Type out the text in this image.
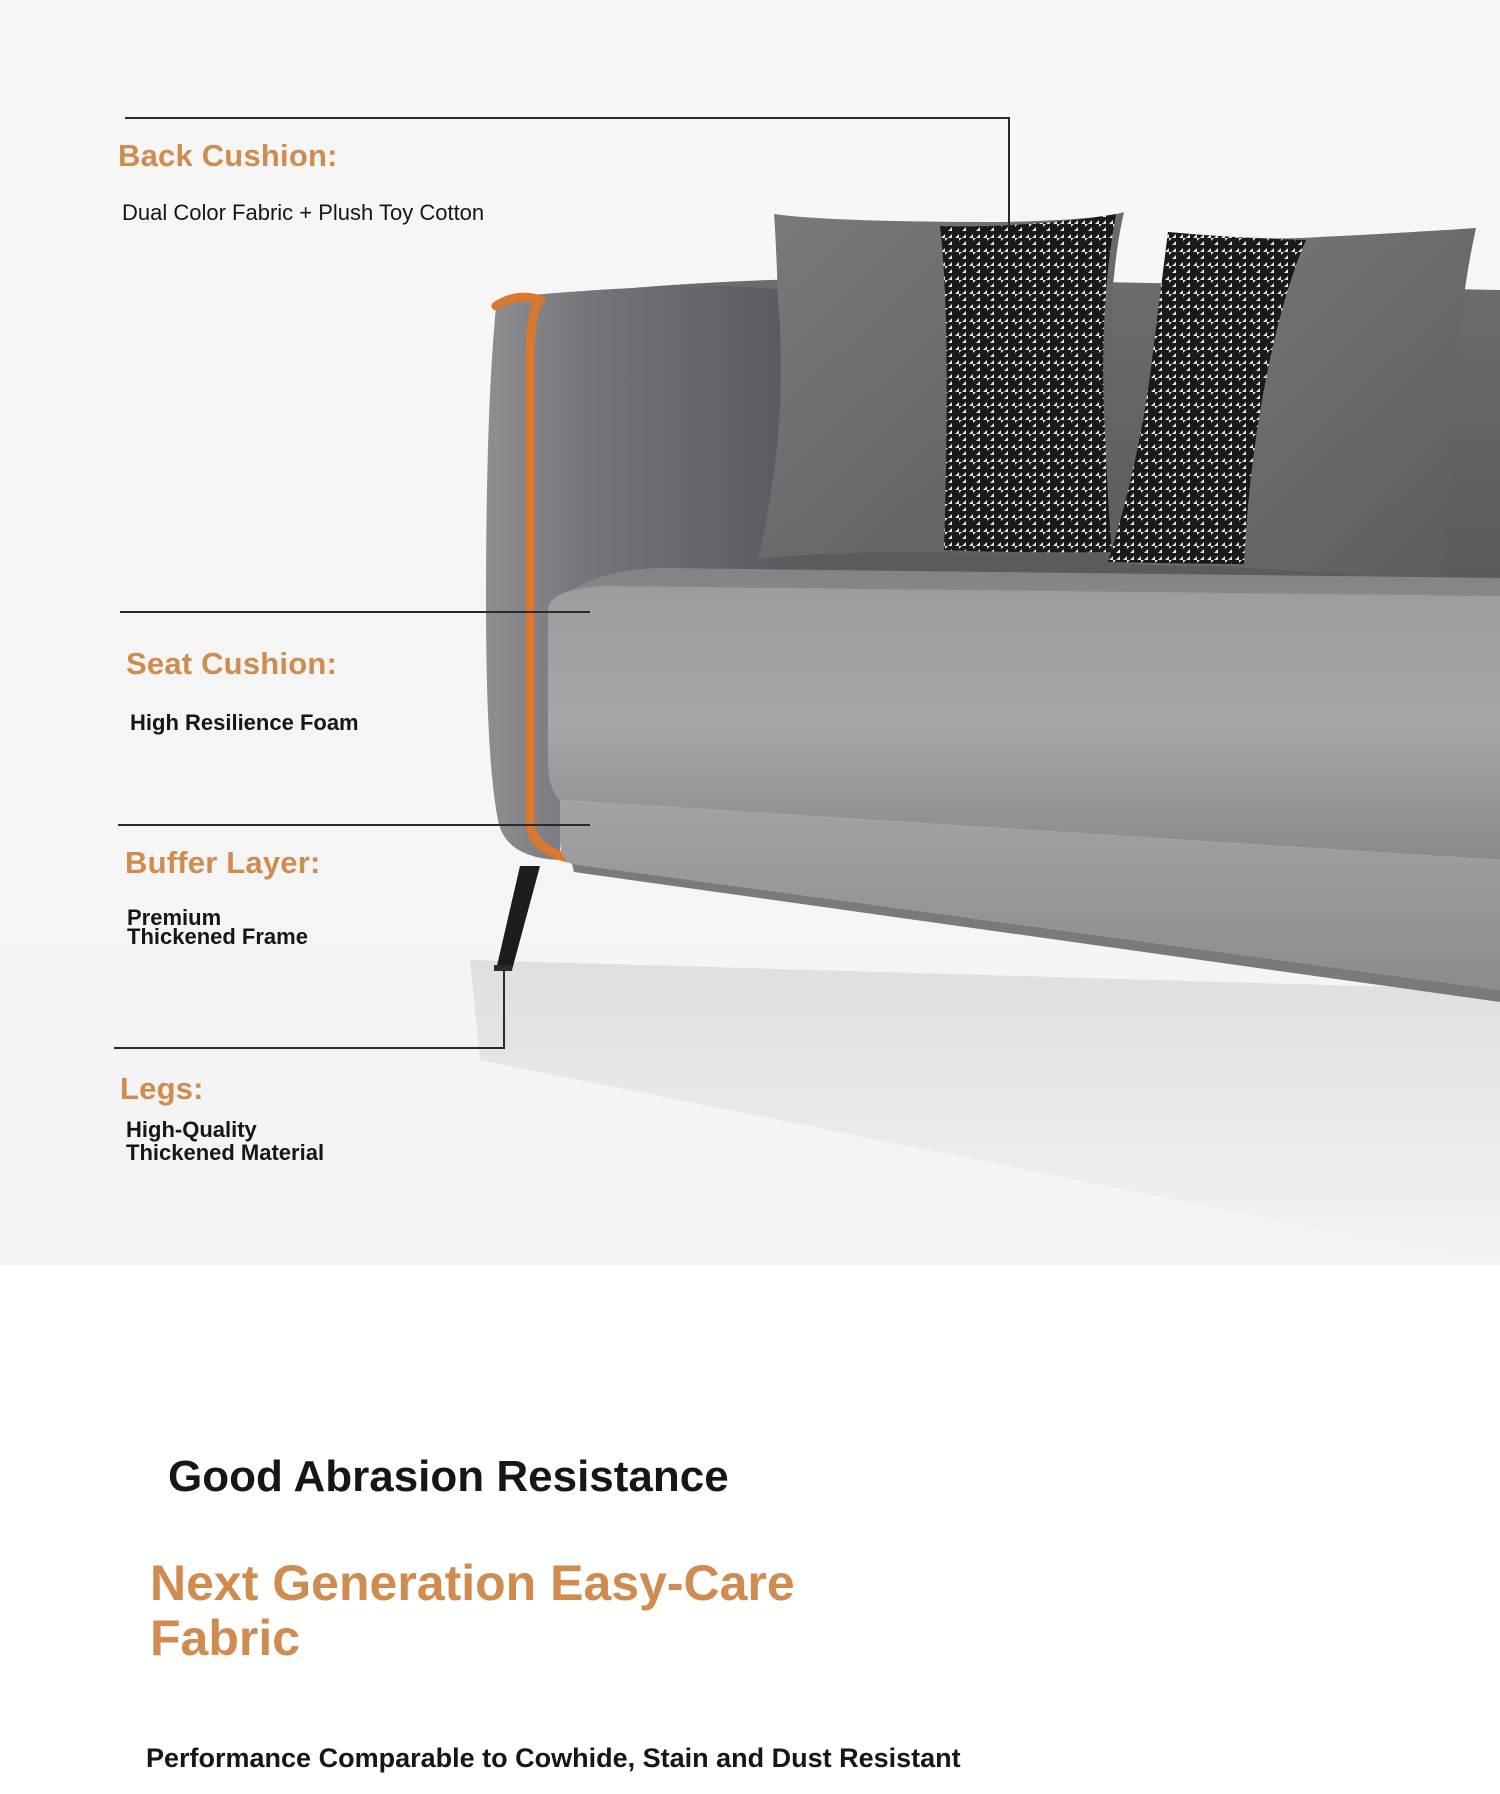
Back Cushion:

Dual Color Fabric + Plush Toy Cotton

Seat Cushion:

High Resilience Foam

Buffer Layer:

Premium

Thickened Frame

Legs:

High-Quality

Thickened Material

Good Abrasion Resistance
Next Generation Easy-Care Fabric

Performance Comparable to Cowhide, Stain and Dust Resistant
